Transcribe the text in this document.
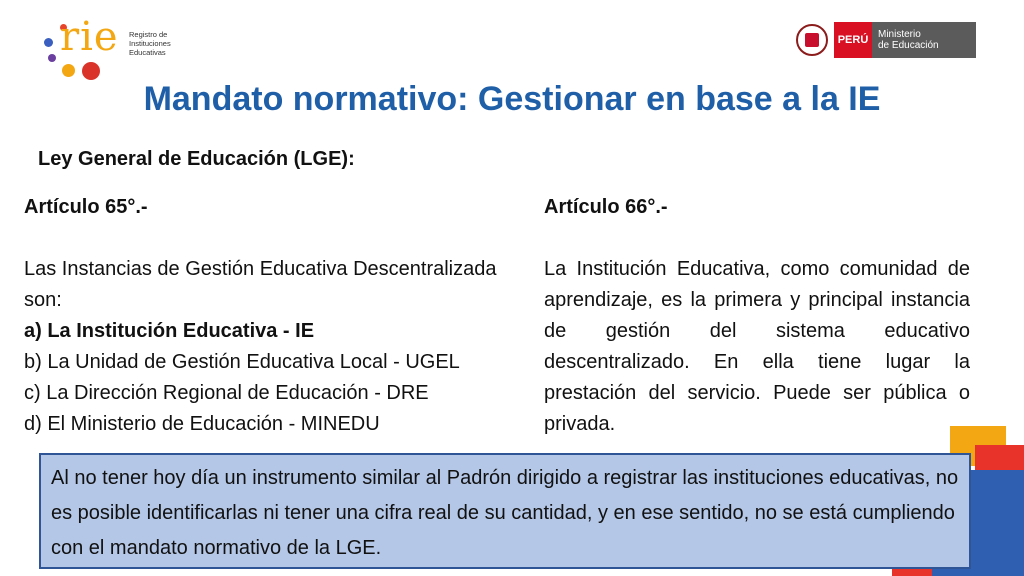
rie Registro de
Instituciones
Educativas
PERÚ Ministerio
de Educación
Mandato normativo: Gestionar en base a la IE
Ley General de Educación (LGE):

Artículo 65°.-

Las Instancias de Gestión Educativa Descentralizada son:

a) La Institución Educativa - IE

b) La Unidad de Gestión Educativa Local - UGEL

c) La Dirección Regional de Educación - DRE

d) El Ministerio de Educación - MINEDU

Artículo 66°.-

La Institución Educativa, como comunidad de aprendizaje, es la primera y principal instancia de gestión del sistema educativo descentralizado. En ella tiene lugar la prestación del servicio. Puede ser pública o privada.

Al no tener hoy día un instrumento similar al Padrón dirigido a registrar las instituciones educativas, no es posible identificarlas ni tener una cifra real de su cantidad, y en ese sentido, no se está cumpliendo con el mandato normativo de la LGE.
